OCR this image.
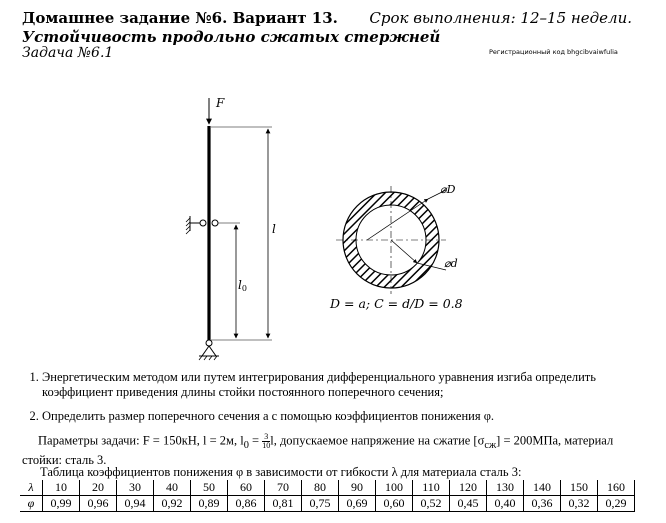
Домашнее задание №6. Вариант 13. Срок выполнения: 12–15 недели.
Устойчивость продольно сжатых стержней
Задача №6.1	Регистрационный код bhgcibvaiwfulia
F
l
l0
⌀D
⌀d
D = a; C = d/D = 0.8
1. Энергетическим методом или путем интегрирования дифференциального уравнения изгиба определить коэффициент приведения длины стойки постоянного поперечного сечения;
2. Определить размер поперечного сечения a с помощью коэффициентов понижения φ.
Параметры задачи: F = 150кН, l = 2м, $l_0 = \frac{3}{10} l$, допускаемое напряжение на сжатие $[\sigma_{сж}] = 200МПа$, материал стойки: сталь 3.
Таблица коэффициентов понижения φ в зависимости от гибкости λ для материала сталь 3:
λ	10	20	30	40	50	60	70	80	90	100	110	120	130	140	150	160
φ	0,99	0,96	0,94	0,92	0,89	0,86	0,81	0,75	0,69	0,60	0,52	0,45	0,40	0,36	0,32	0,29
